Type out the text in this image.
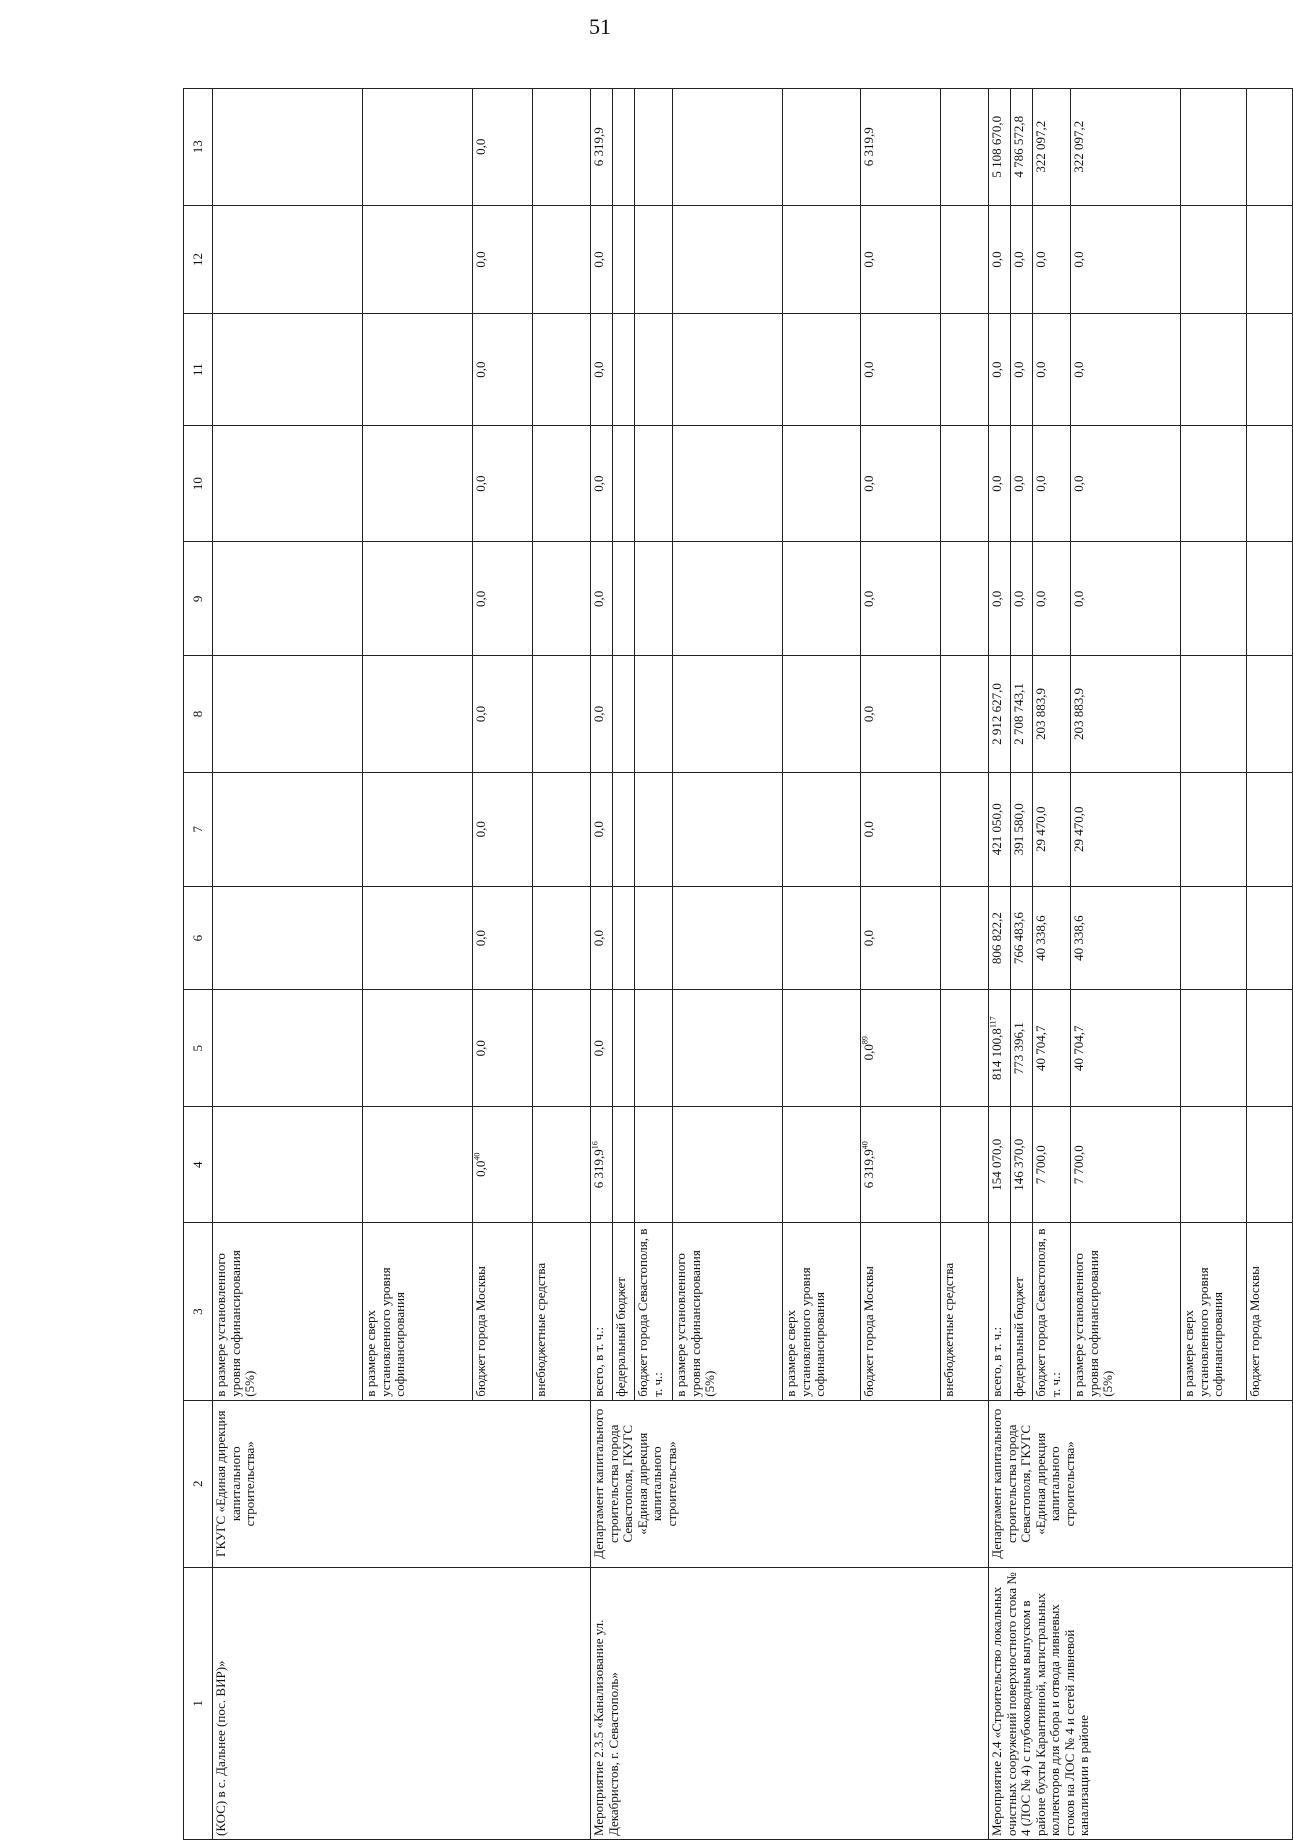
51
1	2	3	4	5	6	7	8	9	10	11	12	13
(КОС) в с. Дальнее (пос. ВИР)»	ГКУГС «Единая дирекция капитального строительства»	в размере установленного уровня софинансирования (5%)										
		в размере сверх установленного уровня софинансирования										
		бюджет города Москвы	$0,0^{40}$	0,0	0,0	0,0	0,0	0,0	0,0	0,0	0,0	0,0
		внебюджетные средства										
Мероприятие 2.3.5 «Канализование ул. Декабристов, г. Севастополь»	Департамент капитального строительства города Севастополя, ГКУГС «Единая дирекция капитального строительства»	всего, в т. ч.:	6 319,9$^{16}$	0,0	0,0	0,0	0,0	0,0	0,0	0,0	0,0	6 319,9
		федеральный бюджет										
		бюджет города Севастополя, в т. ч.:										
		в размере установленного уровня софинансирования (5%)										
		в размере сверх установленного уровня софинансирования										
		бюджет города Москвы	6 319,9$^{40}$	$0,0^{89}$	0,0	0,0	0,0	0,0	0,0	0,0	0,0	6 319,9
		внебюджетные средства										
Мероприятие 2.4 «Строительство локальных очистных сооружений поверхностного стока № 4 (ЛОС № 4) с глубоководным выпуском в районе бухты Карантинной, магистральных коллекторов для сбора и отвода ливневых стоков на ЛОС № 4 и сетей ливневой канализации в районе	Департамент капитального строительства города Севастополя, ГКУГС «Единая дирекция капитального строительства»	всего, в т. ч.:	154 070,0	814 100,8$^{117}$	806 822,2	421 050,0	2 912 627,0	0,0	0,0	0,0	0,0	5 108 670,0
		федеральный бюджет	146 370,0	773 396,1	766 483,6	391 580,0	2 708 743,1	0,0	0,0	0,0	0,0	4 786 572,8
		бюджет города Севастополя, в т. ч.:	7 700,0	40 704,7	40 338,6	29 470,0	203 883,9	0,0	0,0	0,0	0,0	322 097,2
		в размере установленного уровня софинансирования (5%)	7 700,0	40 704,7	40 338,6	29 470,0	203 883,9	0,0	0,0	0,0	0,0	322 097,2
		в размере сверх установленного уровня софинансирования										
		бюджет города Москвы										
